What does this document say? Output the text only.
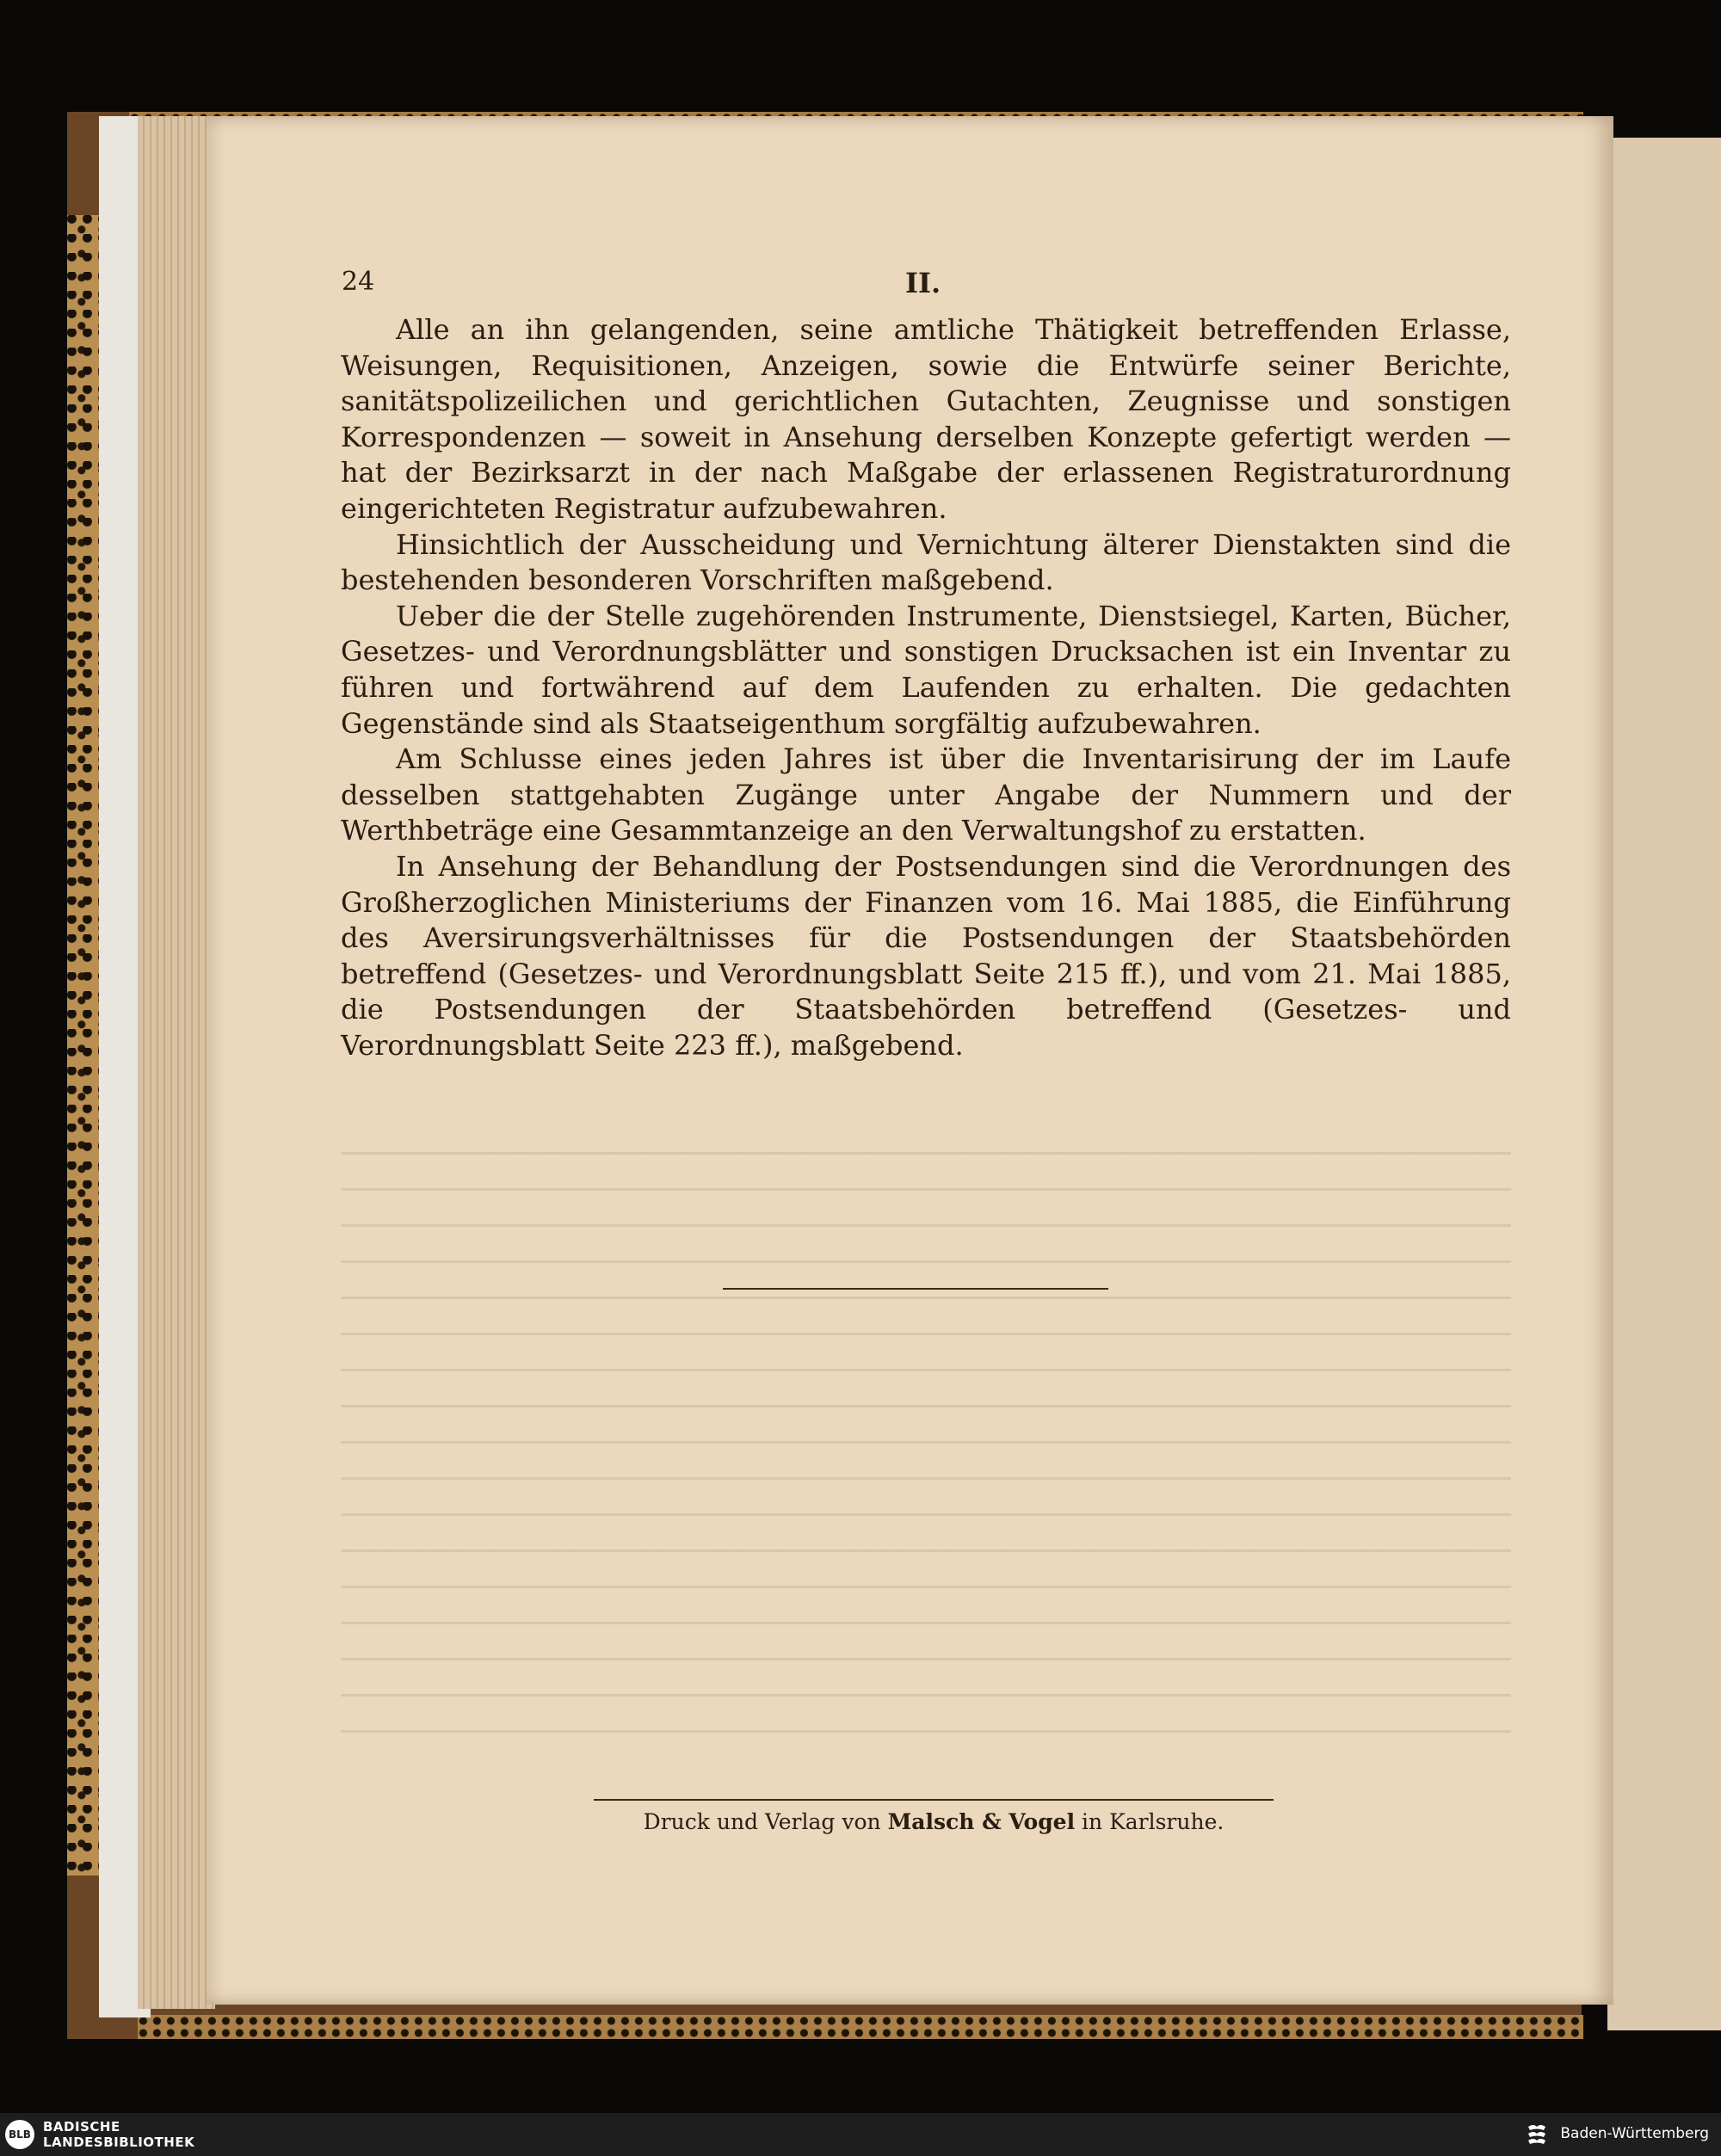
24	II.

Alle an ihn gelangenden, seine amtliche Thätigkeit betreffenden Erlasse, Weisungen, Requisitionen, Anzeigen, sowie die Entwürfe seiner Berichte, sanitätspolizeilichen und gerichtlichen Gutachten, Zeugnisse und sonstigen Korrespondenzen — soweit in Ansehung derselben Konzepte gefertigt werden — hat der Bezirksarzt in der nach Maßgabe der erlassenen Registraturordnung eingerichteten Registratur aufzubewahren.

Hinsichtlich der Ausscheidung und Vernichtung älterer Dienstakten sind die bestehenden besonderen Vorschriften maßgebend.

Ueber die der Stelle zugehörenden Instrumente, Dienstsiegel, Karten, Bücher, Gesetzes- und Verordnungsblätter und sonstigen Drucksachen ist ein Inventar zu führen und fortwährend auf dem Laufenden zu erhalten. Die gedachten Gegenstände sind als Staatseigenthum sorgfältig aufzubewahren.

Am Schlusse eines jeden Jahres ist über die Inventarisirung der im Laufe desselben stattgehabten Zugänge unter Angabe der Nummern und der Werthbeträge eine Gesammtanzeige an den Verwaltungshof zu erstatten.

In Ansehung der Behandlung der Postsendungen sind die Verordnungen des Großherzoglichen Ministeriums der Finanzen vom 16. Mai 1885, die Einführung des Aversirungsverhältnisses für die Postsendungen der Staatsbehörden betreffend (Gesetzes- und Verordnungsblatt Seite 215 ff.), und vom 21. Mai 1885, die Postsendungen der Staatsbehörden betreffend (Gesetzes- und Verordnungsblatt Seite 223 ff.), maßgebend.

Druck und Verlag von Malsch & Vogel in Karlsruhe.

BLB BADISCHE
LANDESBIBLIOTHEK	Baden-Württemberg
